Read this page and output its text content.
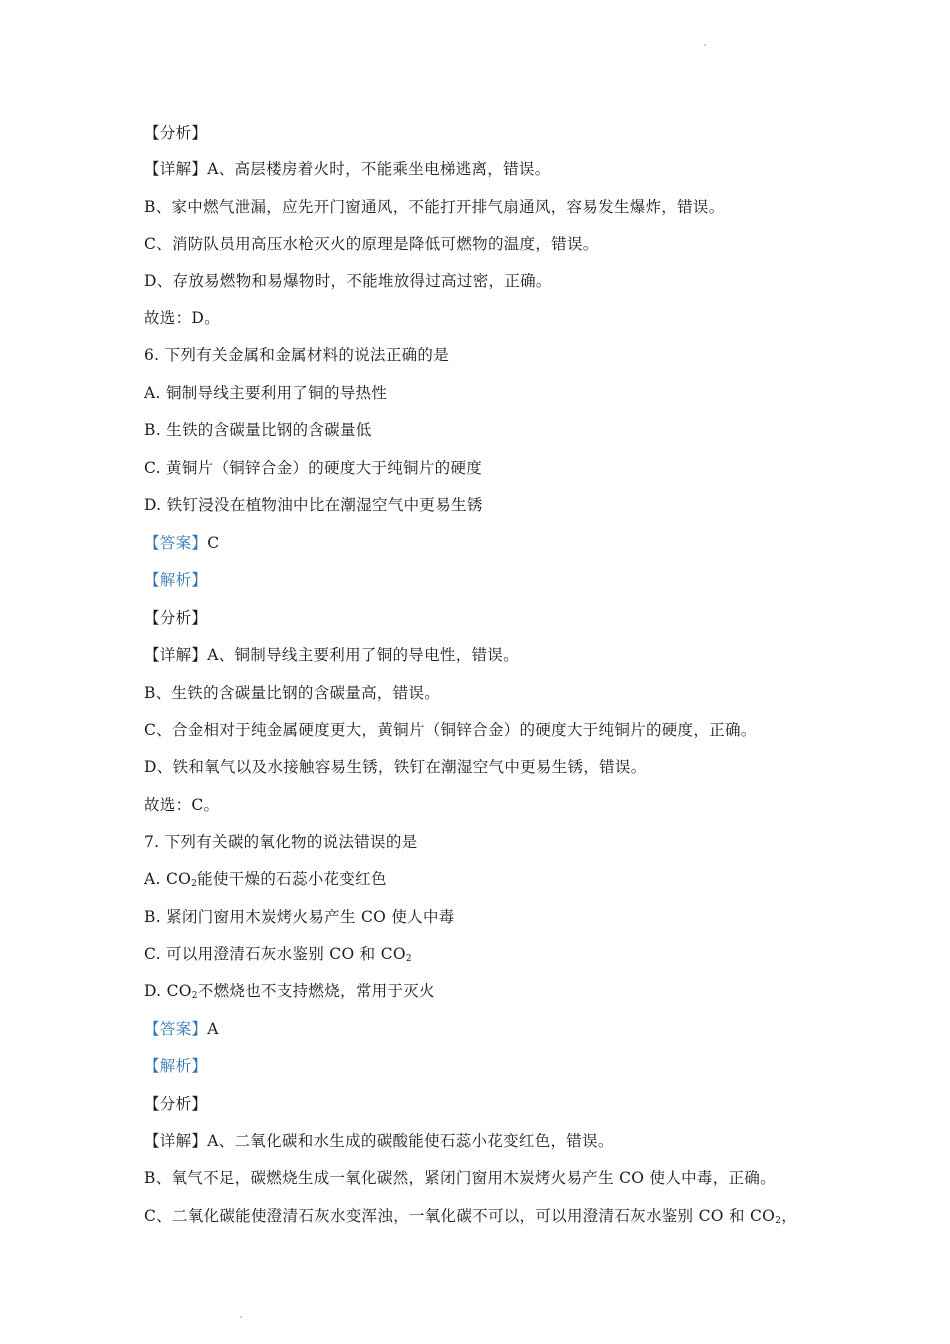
【分析】
【详解】A、高层楼房着火时，不能乘坐电梯逃离，错误。
B、家中燃气泄漏，应先开门窗通风，不能打开排气扇通风，容易发生爆炸，错误。
C、消防队员用高压水枪灭火的原理是降低可燃物的温度，错误。
D、存放易燃物和易爆物时，不能堆放得过高过密，正确。
故选：D。
6. 下列有关金属和金属材料的说法正确的是
A. 铜制导线主要利用了铜的导热性
B. 生铁的含碳量比钢的含碳量低
C. 黄铜片（铜锌合金）的硬度大于纯铜片的硬度
D. 铁钉浸没在植物油中比在潮湿空气中更易生锈
【答案】C
【解析】
【分析】
【详解】A、铜制导线主要利用了铜的导电性，错误。
B、生铁的含碳量比钢的含碳量高，错误。
C、合金相对于纯金属硬度更大，黄铜片（铜锌合金）的硬度大于纯铜片的硬度，正确。
D、铁和氧气以及水接触容易生锈，铁钉在潮湿空气中更易生锈，错误。
故选：C。
7. 下列有关碳的氧化物的说法错误的是
A. $CO_2$能使干燥的石蕊小花变红色
B. 紧闭门窗用木炭烤火易产生 CO 使人中毒
C. 可以用澄清石灰水鉴别 CO 和 $CO_2$
D. $CO_2$不燃烧也不支持燃烧，常用于灭火
【答案】A
【解析】
【分析】
【详解】A、二氧化碳和水生成的碳酸能使石蕊小花变红色，错误。
B、氧气不足，碳燃烧生成一氧化碳然，紧闭门窗用木炭烤火易产生 CO 使人中毒，正确。
C、二氧化碳能使澄清石灰水变浑浊，一氧化碳不可以，可以用澄清石灰水鉴别 CO 和 $CO_2$，
